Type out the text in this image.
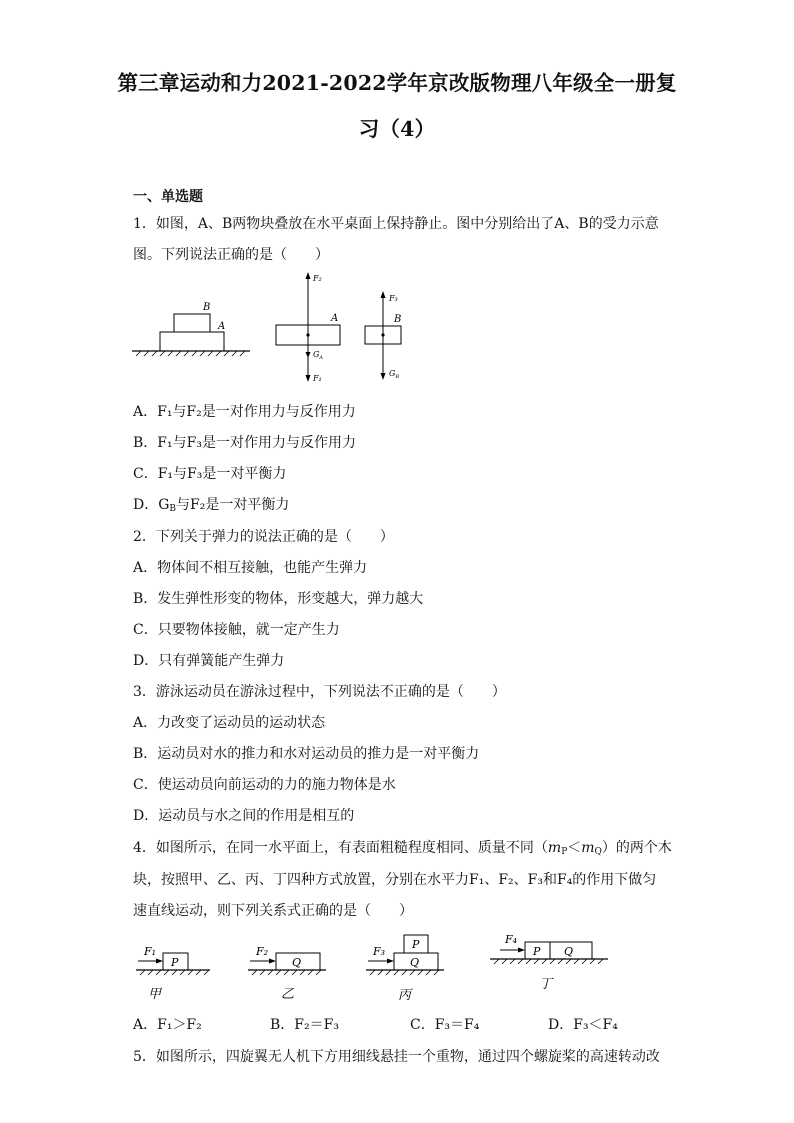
第三章运动和力2021-2022学年京改版物理八年级全一册复
习（4）
一、单选题
1．如图，A、B两物块叠放在水平桌面上保持静止。图中分别给出了A、B的受力示意
图。下列说法正确的是（　　）
B
A
F₂
A
$G_A$
F₁
F₃
B
$G_B$
A．F₁与F₂是一对作用力与反作用力
B．F₁与F₃是一对作用力与反作用力
C．F₁与F₃是一对平衡力
D．$G_B$与F₂是一对平衡力
2．下列关于弹力的说法正确的是（　　）
A．物体间不相互接触，也能产生弹力
B．发生弹性形变的物体，形变越大，弹力越大
C．只要物体接触，就一定产生力
D．只有弹簧能产生弹力
3．游泳运动员在游泳过程中，下列说法不正确的是（　　）
A．力改变了运动员的运动状态
B．运动员对水的推力和水对运动员的推力是一对平衡力
C．使运动员向前运动的力的施力物体是水
D．运动员与水之间的作用是相互的
4．如图所示，在同一水平面上，有表面粗糙程度相同、质量不同$(m_P<m_Q)$的两个木
块，按照甲、乙、丙、丁四种方式放置，分别在水平力F₁、F₂、F₃和F₄的作用下做匀
速直线运动，则下列关系式正确的是（　　）
F₁
P
甲
F₂
Q
乙
F₃
P
Q
丙
F₄
P Q
丁
A．F₁＞F₂	B．F₂＝F₃	C．F₃＝F₄	D．F₃＜F₄
5．如图所示，四旋翼无人机下方用细线悬挂一个重物，通过四个螺旋桨的高速转动改
